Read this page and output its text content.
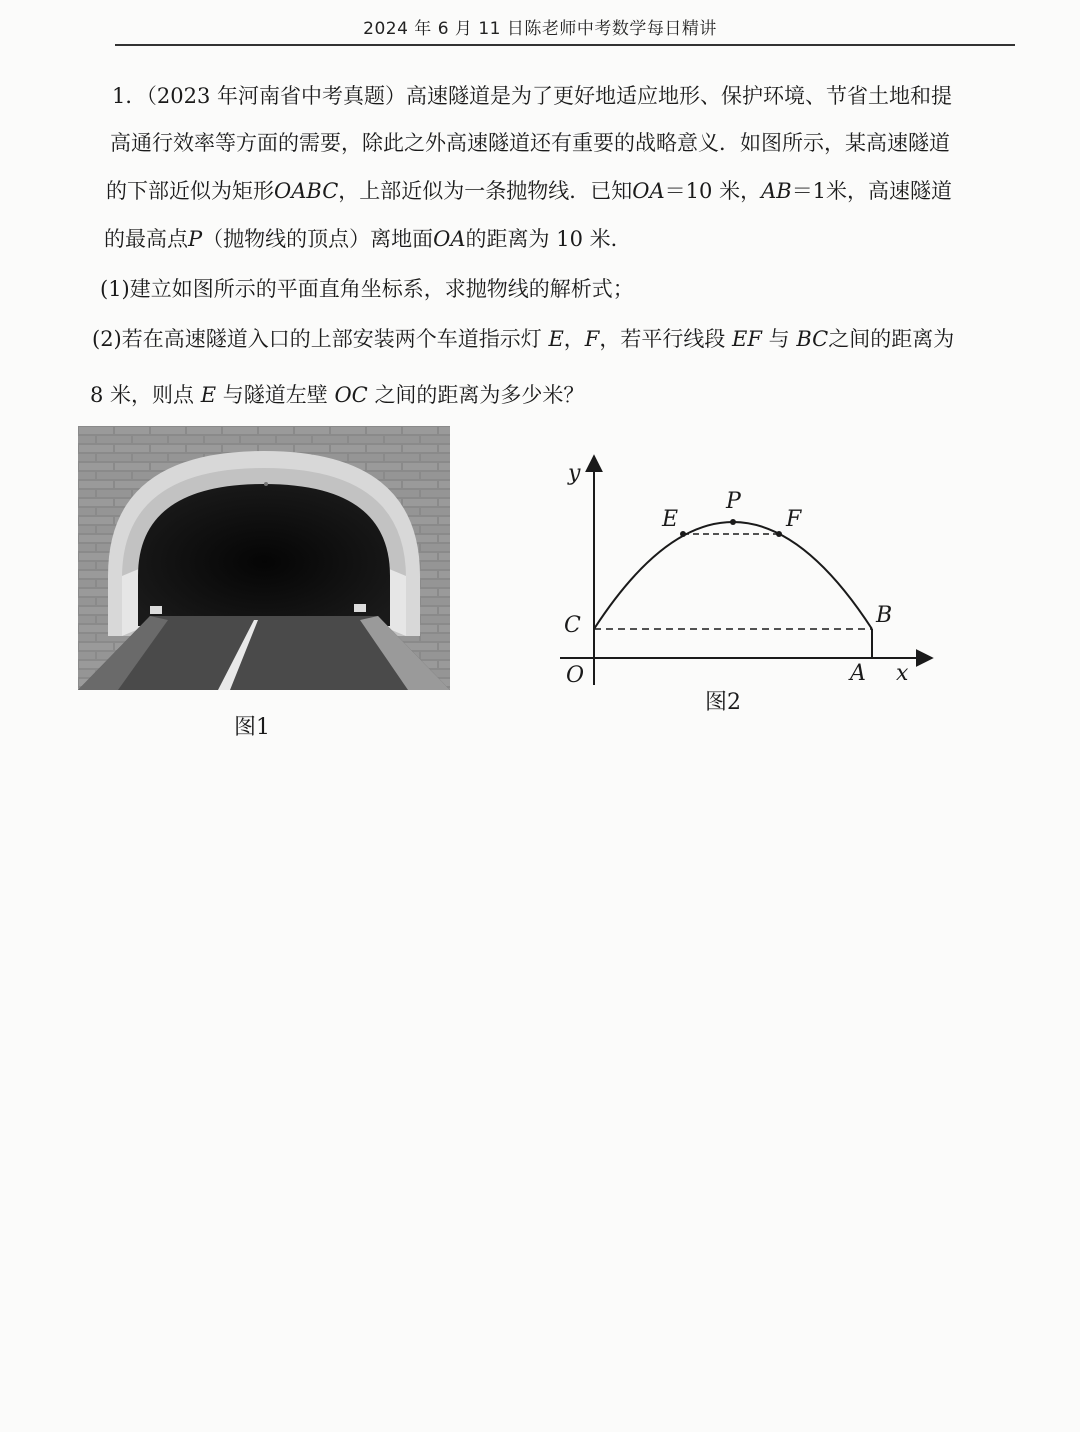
2024 年 6 月 11 日陈老师中考数学每日精讲
1．（2023 年河南省中考真题）高速隧道是为了更好地适应地形、保护环境、节省土地和提
高通行效率等方面的需要，除此之外高速隧道还有重要的战略意义．如图所示，某高速隧道
的下部近似为矩形OABC，上部近似为一条抛物线．已知OA＝10 米，AB＝1米，高速隧道
的最高点P（抛物线的顶点）离地面OA的距离为 10 米．
(1)建立如图所示的平面直角坐标系，求抛物线的解析式；
(2)若在高速隧道入口的上部安装两个车道指示灯 E，F，若平行线段 EF 与 BC之间的距离为
8 米，则点 E 与隧道左壁 OC 之间的距离为多少米？
图1
y
x
O	A
B
C
E	F
P
图2
